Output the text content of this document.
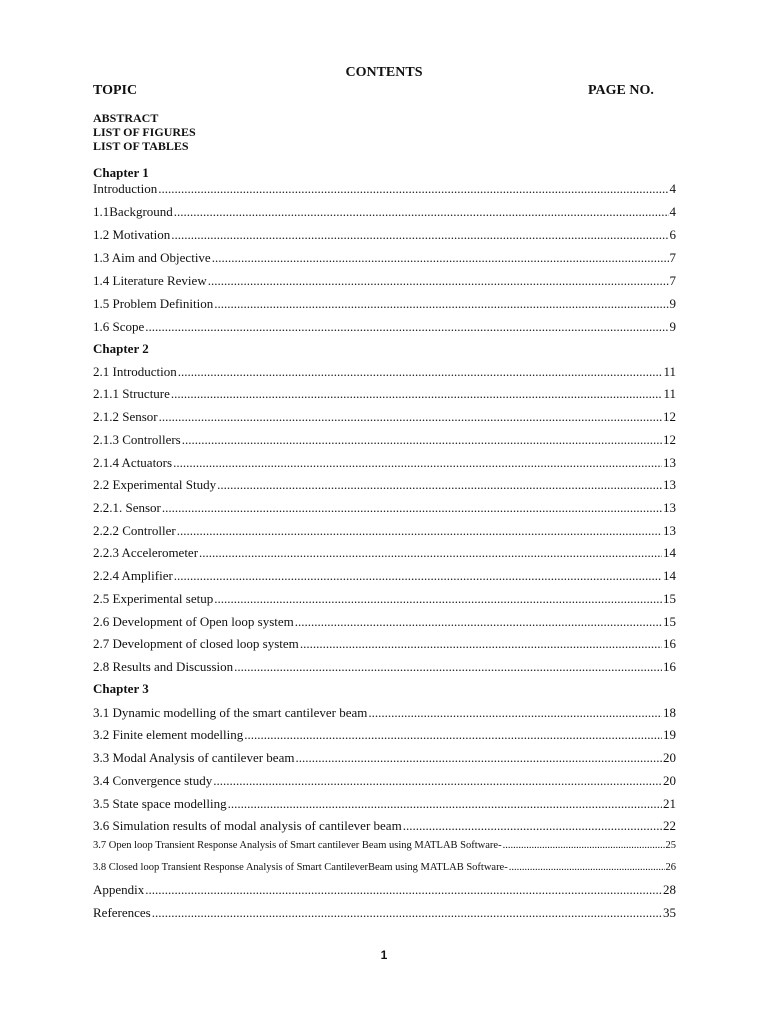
CONTENTS
TOPIC	PAGE NO.
ABSTRACT
LIST OF FIGURES
LIST OF TABLES
Chapter 1
Chapter 2
Chapter 3
Introduction .....	4
1.1Background .....	4
1.2 Motivation .....	6
1.3 Aim and Objective .....	7
1.4 Literature Review .....	7
1.5 Problem Definition .....	9
1.6 Scope .....	9
2.1 Introduction .....	11
2.1.1 Structure .....	11
2.1.2 Sensor .....	12
2.1.3 Controllers .....	12
2.1.4 Actuators .....	13
2.2 Experimental Study .....	13
2.2.1. Sensor .....	13
2.2.2 Controller .....	13
2.2.3 Accelerometer .....	14
2.2.4 Amplifier .....	14
2.5 Experimental setup .....	15
2.6 Development of Open loop system .....	15
2.7 Development of closed loop system .....	16
2.8 Results and Discussion .....	16
3.1 Dynamic modelling of the smart cantilever beam .....	18
3.2 Finite element modelling .....	19
3.3 Modal Analysis of cantilever beam .....	20
3.4 Convergence study .....	20
3.5 State space modelling .....	21
3.6 Simulation results of modal analysis of cantilever beam .....	22
3.7 Open loop Transient Response Analysis of Smart cantilever Beam using MATLAB Software- .....	25
3.8 Closed loop Transient Response Analysis of Smart CantileverBeam using MATLAB Software- .....	26
Appendix .....	28
References .....	35
1
